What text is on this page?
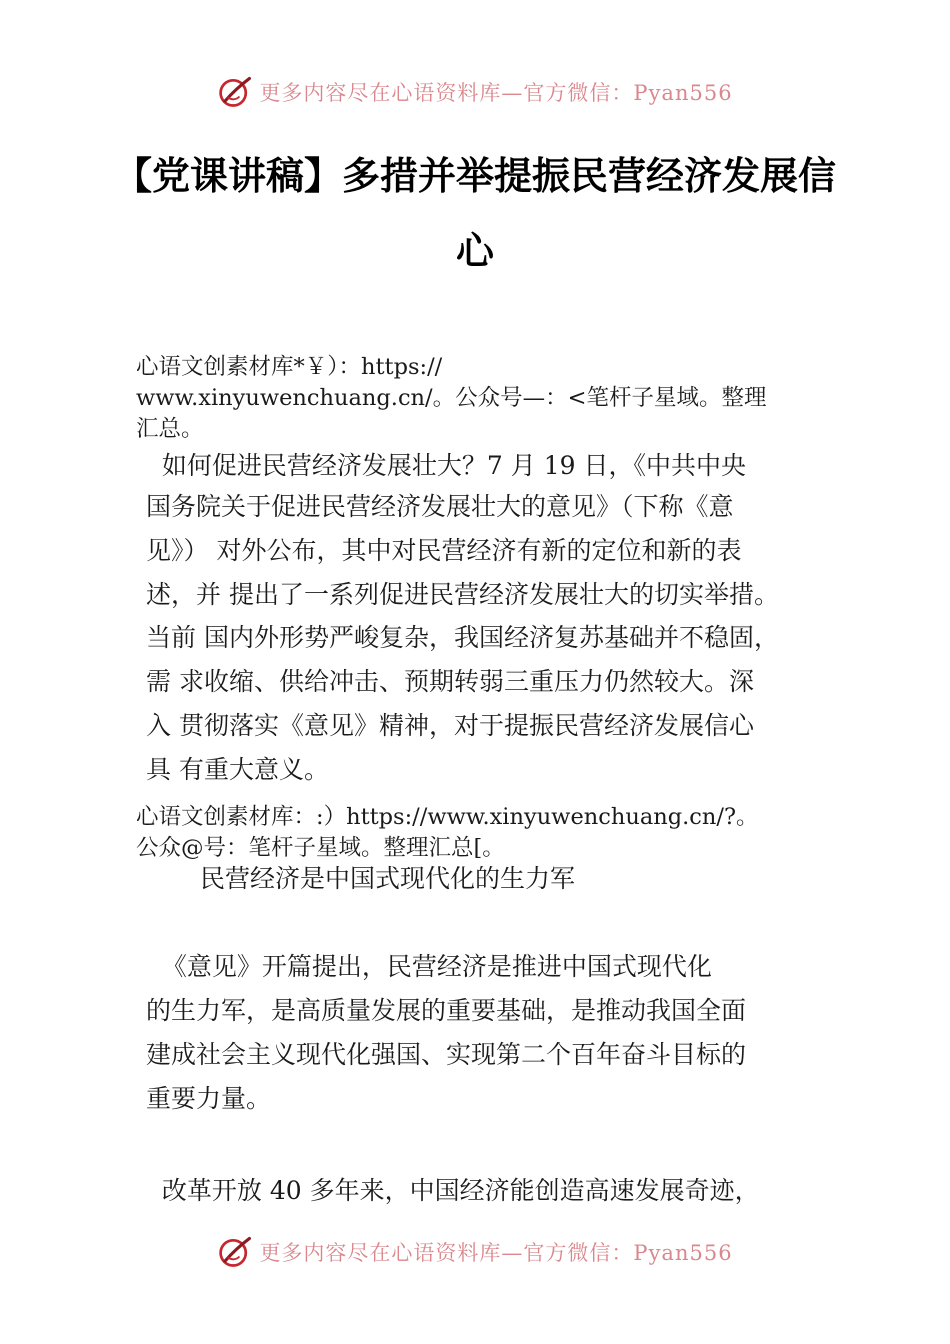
更多内容尽在心语资料库—官方微信：Pyan556
【党课讲稿】多措并举提振民营经济发展信
心

心语文创素材库*￥）：https://

www.xinyuwenchuang.cn/。公众号—：<笔杆子星域。整理

汇总。

如何促进民营经济发展壮大？7 月 19 日，《中共中央

国务院关于促进民营经济发展壮大的意见》（下称《意

见》） 对外公布，其中对民营经济有新的定位和新的表

述，并 提出了一系列促进民营经济发展壮大的切实举措。

当前 国内外形势严峻复杂，我国经济复苏基础并不稳固，

需 求收缩、供给冲击、预期转弱三重压力仍然较大。深

入 贯彻落实《意见》精神，对于提振民营经济发展信心

具 有重大意义。

心语文创素材库：:）https://www.xinyuwenchuang.cn/?。

公众@号：笔杆子星域。整理汇总[。

民营经济是中国式现代化的生力军

《意见》开篇提出，民营经济是推进中国式现代化

的生力军，是高质量发展的重要基础，是推动我国全面

建成社会主义现代化强国、实现第二个百年奋斗目标的

重要力量。

改革开放 40 多年来，中国经济能创造高速发展奇迹，

更多内容尽在心语资料库—官方微信：Pyan556
